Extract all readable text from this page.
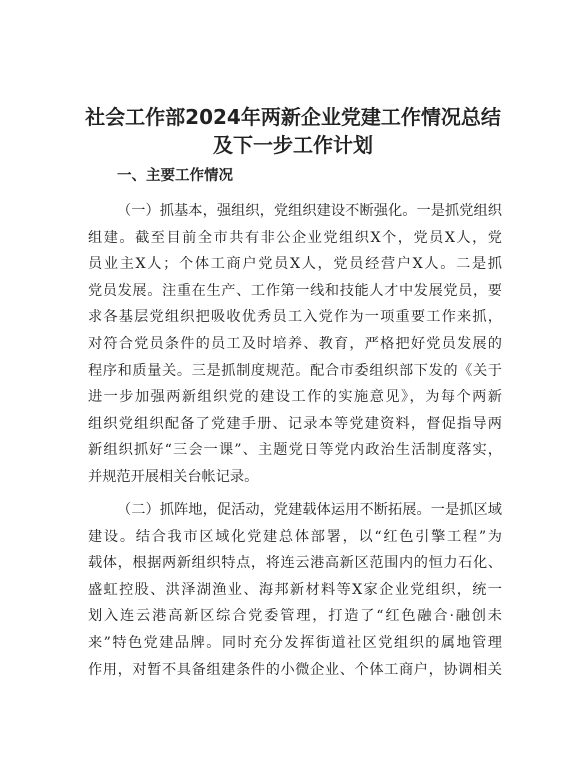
社会工作部2024年两新企业党建工作情况总结
及下一步工作计划
一、主要工作情况

（一）抓基本，强组织，党组织建设不断强化。一是抓党组织
组建。截至目前全市共有非公企业党组织X个，党员X人，党
员业主X人；个体工商户党员X人，党员经营户X人。二是抓
党员发展。注重在生产、工作第一线和技能人才中发展党员，要
求各基层党组织把吸收优秀员工入党作为一项重要工作来抓，
对符合党员条件的员工及时培养、教育，严格把好党员发展的
程序和质量关。三是抓制度规范。配合市委组织部下发的《关于
进一步加强两新组织党的建设工作的实施意见》，为每个两新
组织党组织配备了党建手册、记录本等党建资料，督促指导两
新组织抓好“三会一课”、主题党日等党内政治生活制度落实，
并规范开展相关台帐记录。

（二）抓阵地，促活动，党建载体运用不断拓展。一是抓区域
建设。结合我市区域化党建总体部署，以“红色引擎工程”为
载体，根据两新组织特点，将连云港高新区范围内的恒力石化、
盛虹控股、洪泽湖渔业、海邦新材料等X家企业党组织，统一
划入连云港高新区综合党委管理，打造了“红色融合·融创未
来”特色党建品牌。同时充分发挥街道社区党组织的属地管理
作用，对暂不具备组建条件的小微企业、个体工商户，协调相关
